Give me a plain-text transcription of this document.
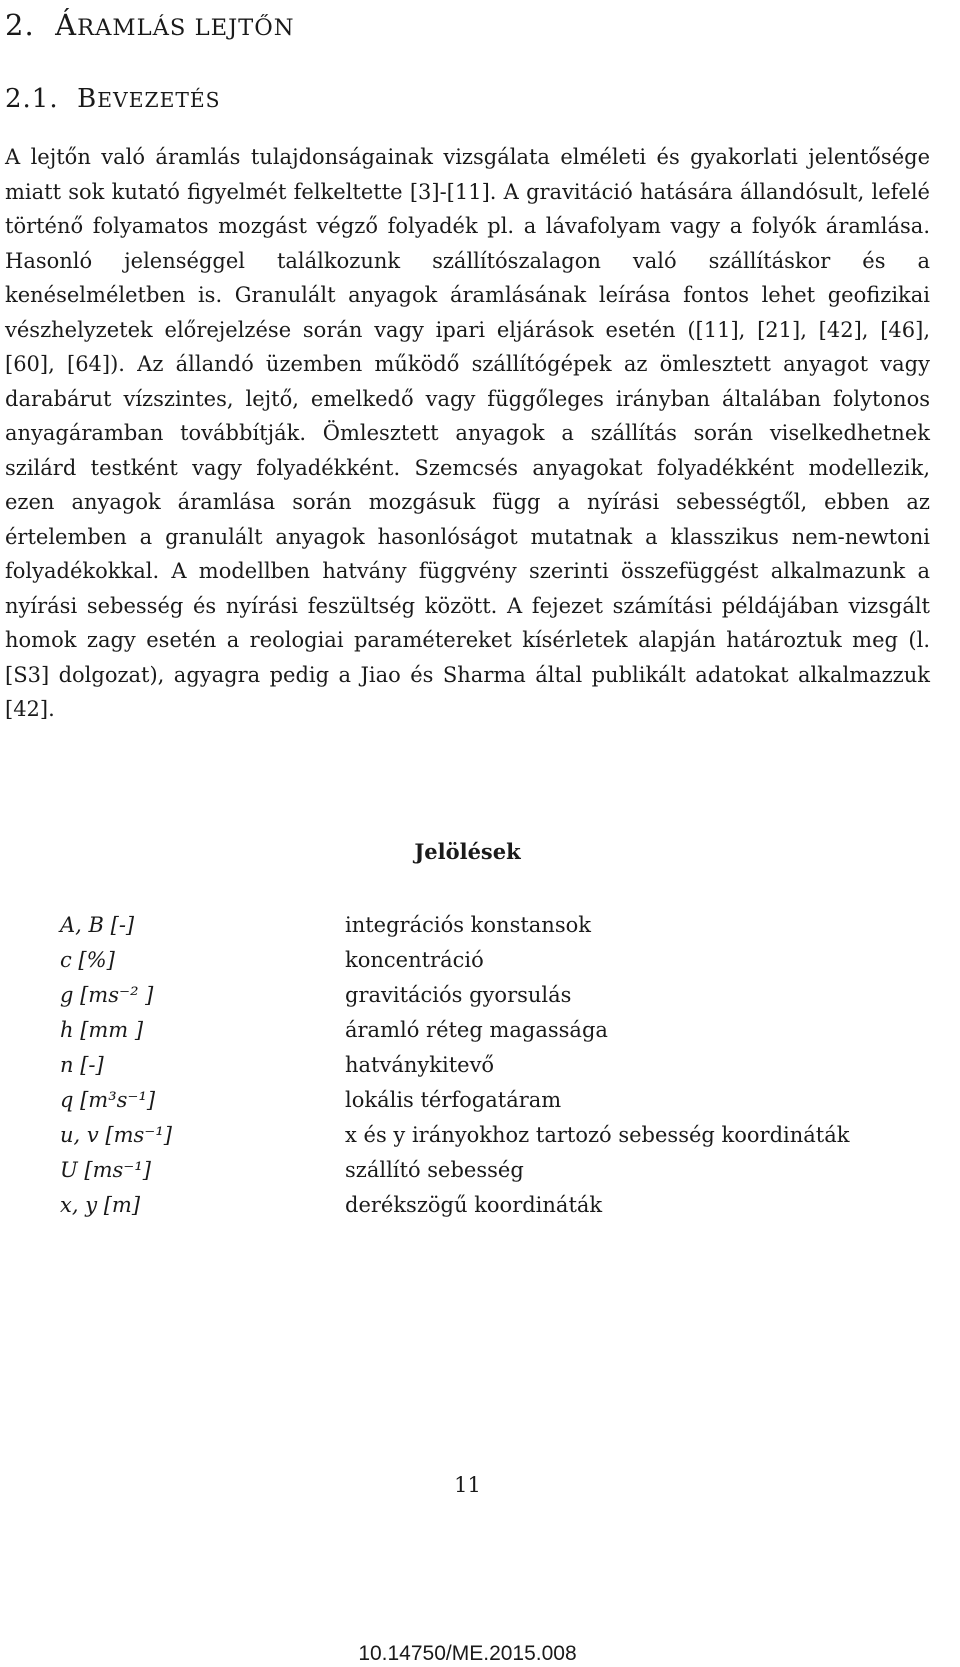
2. ÁRAMLÁS LEJTŐN
2.1. BEVEZETÉS

A lejtőn való áramlás tulajdonságainak vizsgálata elméleti és gyakorlati jelentősége miatt sok kutató figyelmét felkeltette [3]-[11]. A gravitáció hatására állandósult, lefelé történő folyamatos mozgást végző folyadék pl. a lávafolyam vagy a folyók áramlása. Hasonló jelenséggel találkozunk szállítószalagon való szállításkor és a kenéselméletben is. Granulált anyagok áramlásának leírása fontos lehet geofizikai vészhelyzetek előrejelzése során vagy ipari eljárások esetén ([11], [21], [42], [46], [60], [64]). Az állandó üzemben működő szállítógépek az ömlesztett anyagot vagy darabárut vízszintes, lejtő, emelkedő vagy függőleges irányban általában folytonos anyagáramban továbbítják. Ömlesztett anyagok a szállítás során viselkedhetnek szilárd testként vagy folyadékként. Szemcsés anyagokat folyadékként modellezik, ezen anyagok áramlása során mozgásuk függ a nyírási sebességtől, ebben az értelemben a granulált anyagok hasonlóságot mutatnak a klasszikus nem-newtoni folyadékokkal. A modellben hatvány függvény szerinti összefüggést alkalmazunk a nyírási sebesség és nyírási feszültség között. A fejezet számítási példájában vizsgált homok zagy esetén a reologiai paramétereket kísérletek alapján határoztuk meg (l. [S3] dolgozat), agyagra pedig a Jiao és Sharma által publikált adatokat alkalmazzuk [42].

Jelölések
A, B [-]	integrációs konstansok
c [%]	koncentráció
g [ms⁻² ]	gravitációs gyorsulás
h [mm ]	áramló réteg magassága
n [-]	hatványkitevő
q [m³s⁻¹]	lokális térfogatáram
u, v [ms⁻¹]	x és y irányokhoz tartozó sebesség koordináták
U [ms⁻¹]	szállító sebesség
x, y [m]	derékszögű koordináták

11

10.14750/ME.2015.008
